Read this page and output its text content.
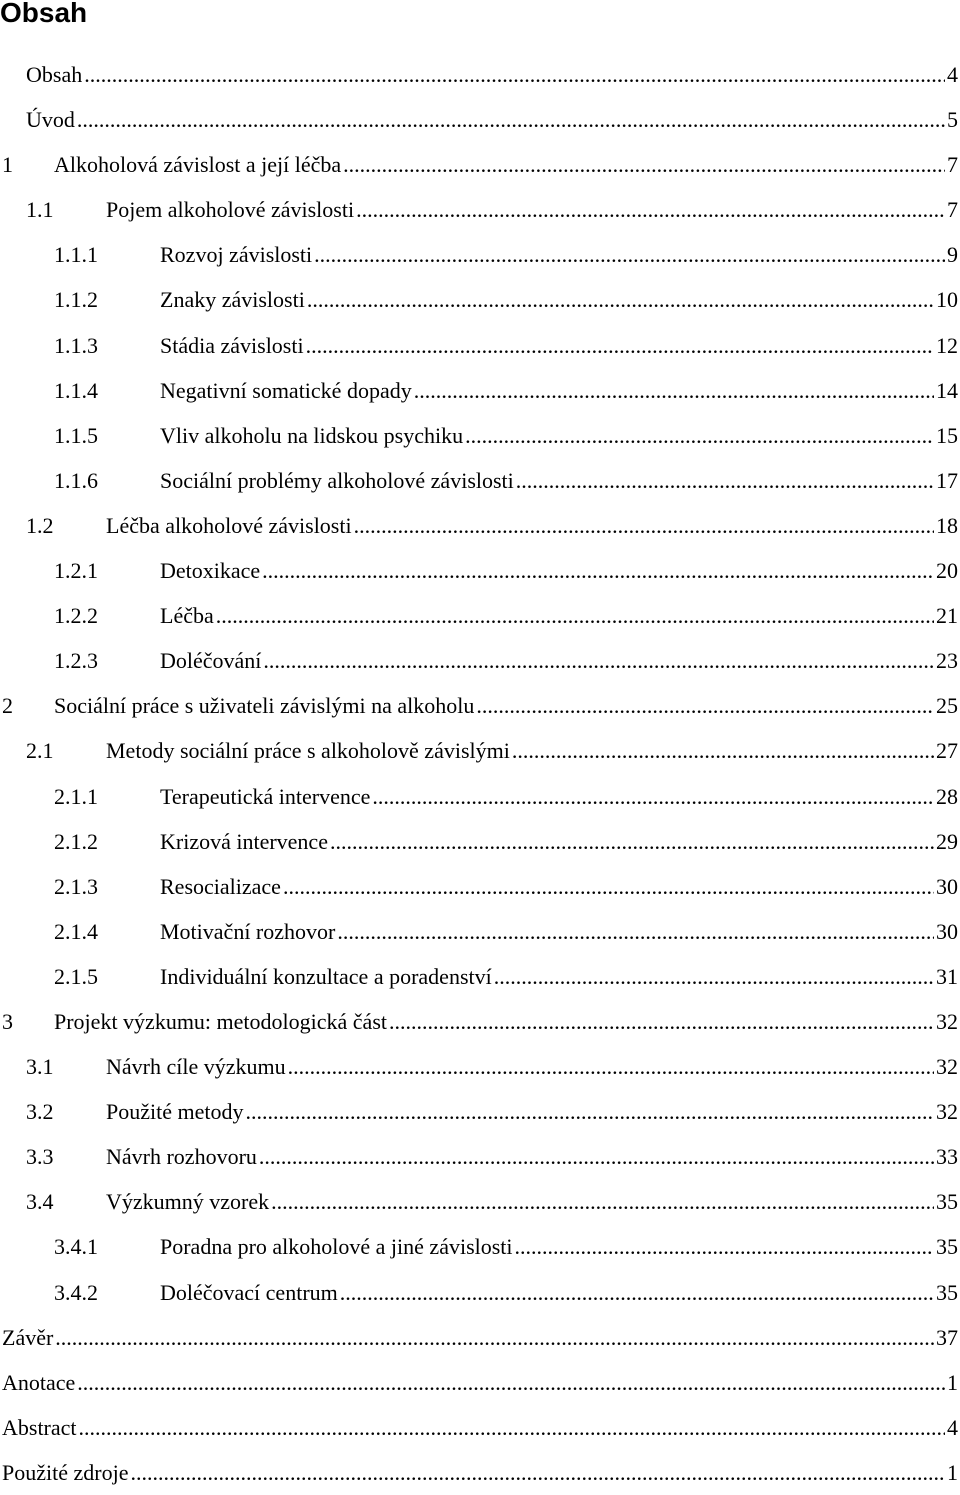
Obsah
Obsah .....	4
Úvod .....	5
1 Alkoholová závislost a její léčba .....	7
1.1 Pojem alkoholové závislosti .....	7
1.1.1	Rozvoj závislosti .....	9
1.1.2	Znaky závislosti .....	10
1.1.3	Stádia závislosti .....	12
1.1.4	Negativní somatické dopady .....	14
1.1.5	Vliv alkoholu na lidskou psychiku .....	15
1.1.6	Sociální problémy alkoholové závislosti .....	17
1.2 Léčba alkoholové závislosti .....	18
1.2.1	Detoxikace .....	20
1.2.2	Léčba .....	21
1.2.3	Doléčování .....	23
2 Sociální práce s uživateli závislými na alkoholu .....	25
2.1 Metody sociální práce s alkoholově závislými .....	27
2.1.1	Terapeutická intervence .....	28
2.1.2	Krizová intervence .....	29
2.1.3	Resocializace .....	30
2.1.4	Motivační rozhovor .....	30
2.1.5	Individuální konzultace a poradenství .....	31
3 Projekt výzkumu: metodologická část .....	32
3.1 Návrh cíle výzkumu .....	32
3.2 Použité metody .....	32
3.3 Návrh rozhovoru .....	33
3.4 Výzkumný vzorek .....	35
3.4.1	Poradna pro alkoholové a jiné závislosti .....	35
3.4.2	Doléčovací centrum .....	35
Závěr .....	37
Anotace .....	1
Abstract .....	4
Použité zdroje .....	1
